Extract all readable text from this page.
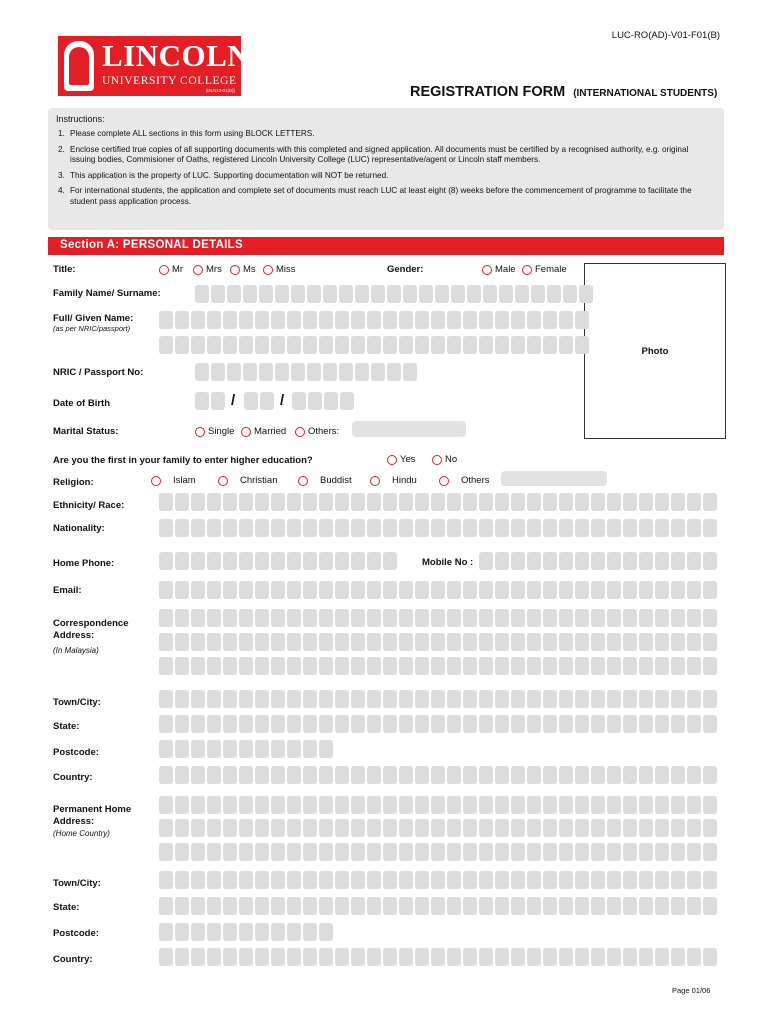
LUC-RO(AD)-V01-F01(B)
LINCOLN
UNIVERSITY COLLEGE
(DU113-01(B))	REGISTRATION FORM (INTERNATIONAL STUDENTS)
Instructions:
1. Please complete ALL sections in this form using BLOCK LETTERS.
2. Enclose certified true copies of all supporting documents with this completed and signed application. All documents must be certified by a recognised authority, e.g. original issuing bodies, Commisioner of Oaths, registered Lincoln University College (LUC) representative/agent or Lincoln staff members.
3. This application is the property of LUC. Supporting documentation will NOT be returned.
4. For international students, the application and complete set of documents must reach LUC at least eight (8) weeks before the commencement of programme to facilitate the student pass application process.
Section A: PERSONAL DETAILS
Title:	Mr Mrs Ms Miss	Gender:	Male Female
Photo
Family Name/ Surname:
Full/ Given Name:
(as per NRIC/passport)
NRIC / Passport No:
Date of Birth	/	/
Marital Status:	Single Married Others:
Are you the first in your family to enter higher education?	Yes	No
Religion:	Islam	Christian	Buddist	Hindu	Others
Ethnicity/ Race:
Nationality:
Home Phone:	Mobile No :
Email:
Correspondence Address:
(In Malaysia)
Town/City:
State:
Postcode:
Country:
Permanent Home Address:
(Home Country)
Town/City:
State:
Postcode:
Country:
Page 01/06
